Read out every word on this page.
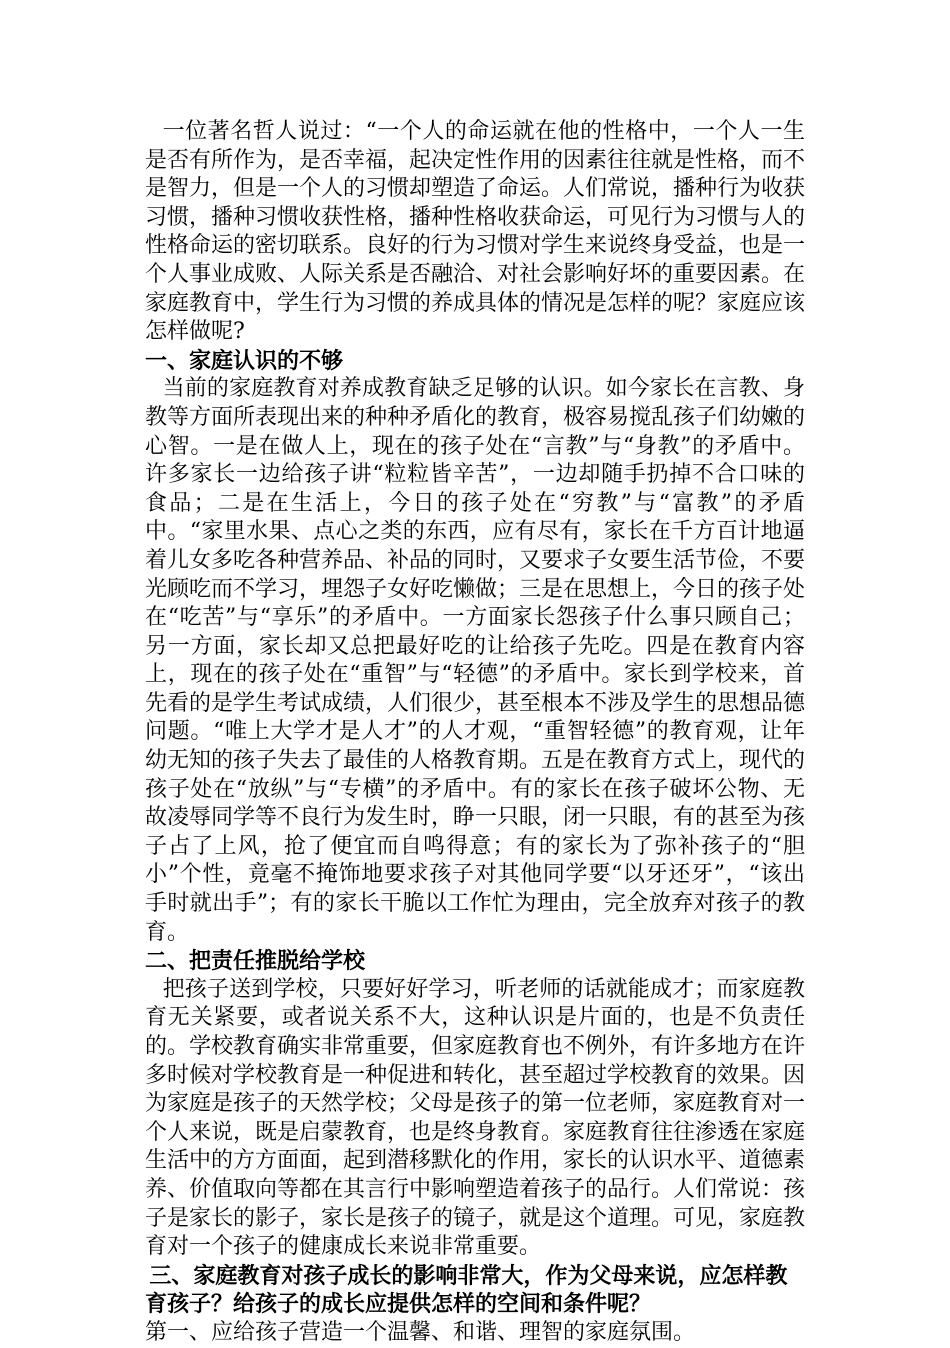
一位著名哲人说过：“一个人的命运就在他的性格中，一个人一生是否有所作为，是否幸福，起决定性作用的因素往往就是性格，而不是智力，但是一个人的习惯却塑造了命运。人们常说，播种行为收获习惯，播种习惯收获性格，播种性格收获命运，可见行为习惯与人的性格命运的密切联系。良好的行为习惯对学生来说终身受益，也是一个人事业成败、人际关系是否融洽、对社会影响好坏的重要因素。在家庭教育中，学生行为习惯的养成具体的情况是怎样的呢？家庭应该怎样做呢?

一、家庭认识的不够

当前的家庭教育对养成教育缺乏足够的认识。如今家长在言教、身教等方面所表现出来的种种矛盾化的教育，极容易搅乱孩子们幼嫩的心智。一是在做人上，现在的孩子处在“言教”与“身教”的矛盾中。许多家长一边给孩子讲“粒粒皆辛苦”，一边却随手扔掉不合口味的食品；二是在生活上，今日的孩子处在“穷教”与“富教”的矛盾中。“家里水果、点心之类的东西，应有尽有，家长在千方百计地逼着儿女多吃各种营养品、补品的同时，又要求子女要生活节俭，不要光顾吃而不学习，埋怨子女好吃懒做；三是在思想上，今日的孩子处在“吃苦”与“享乐”的矛盾中。一方面家长怨孩子什么事只顾自己；另一方面，家长却又总把最好吃的让给孩子先吃。四是在教育内容上，现在的孩子处在“重智”与“轻德”的矛盾中。家长到学校来，首先看的是学生考试成绩，人们很少，甚至根本不涉及学生的思想品德问题。“唯上大学才是人才”的人才观，“重智轻德”的教育观，让年幼无知的孩子失去了最佳的人格教育期。五是在教育方式上，现代的孩子处在“放纵”与“专横”的矛盾中。有的家长在孩子破坏公物、无故凌辱同学等不良行为发生时，睁一只眼，闭一只眼，有的甚至为孩子占了上风，抢了便宜而自鸣得意；有的家长为了弥补孩子的“胆小”个性，竟毫不掩饰地要求孩子对其他同学要“以牙还牙”，“该出手时就出手”；有的家长干脆以工作忙为理由，完全放弃对孩子的教育。

二、把责任推脱给学校

把孩子送到学校，只要好好学习，听老师的话就能成才；而家庭教育无关紧要，或者说关系不大，这种认识是片面的，也是不负责任的。学校教育确实非常重要，但家庭教育也不例外，有许多地方在许多时候对学校教育是一种促进和转化，甚至超过学校教育的效果。因为家庭是孩子的天然学校；父母是孩子的第一位老师，家庭教育对一个人来说，既是启蒙教育，也是终身教育。家庭教育往往渗透在家庭生活中的方方面面，起到潜移默化的作用，家长的认识水平、道德素养、价值取向等都在其言行中影响塑造着孩子的品行。人们常说：孩子是家长的影子，家长是孩子的镜子，就是这个道理。可见，家庭教育对一个孩子的健康成长来说非常重要。

三、家庭教育对孩子成长的影响非常大，作为父母来说，应怎样教育孩子？给孩子的成长应提供怎样的空间和条件呢？

第一、应给孩子营造一个温馨、和谐、理智的家庭氛围。
